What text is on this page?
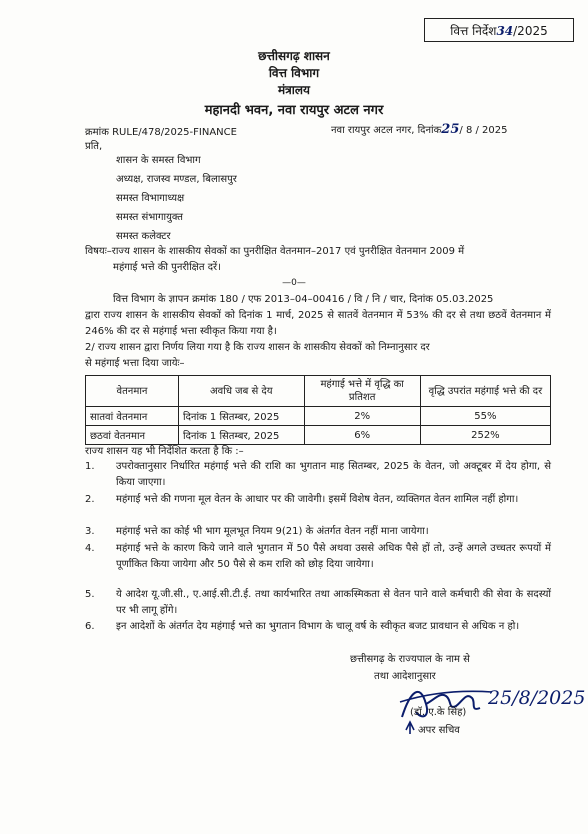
वित्त निर्देश34/2025
छत्तीसगढ़ शासन
वित्त विभाग
मंत्रालय
महानदी भवन, नवा रायपुर अटल नगर
क्रमांक RULE/478/2025-FINANCE	नवा रायपुर अटल नगर, दिनांक25/ 8 / 2025
प्रति,
शासन के समस्त विभाग
अध्यक्ष, राजस्व मण्डल, बिलासपुर
समस्त विभागाध्यक्ष
समस्त संभागायुक्त
समस्त कलेक्टर
विषयः–राज्य शासन के शासकीय सेवकों का पुनरीक्षित वेतनमान–2017 एवं पुनरीक्षित वेतनमान 2009 में
महंगाई भत्ते की पुनरीक्षित दरें।
—0—
वित्त विभाग के ज्ञापन क्रमांक 180 / एफ 2013–04–00416 / वि / नि / चार, दिनांक 05.03.2025
द्वारा राज्य शासन के शासकीय सेवकों को दिनांक 1 मार्च, 2025 से सातवें वेतनमान में 53% की दर से तथा छठवें वेतनमान में 246% की दर से महंगाई भत्ता स्वीकृत किया गया है।
2/ राज्य शासन द्वारा निर्णय लिया गया है कि राज्य शासन के शासकीय सेवकों को निम्नानुसार दर
से महंगाई भत्ता दिया जायेः–
वेतनमान	अवधि जब से देय	महंगाई भत्ते में वृद्धि का प्रतिशत	वृद्धि उपरांत महंगाई भत्ते की दर
सातवां वेतनमान	दिनांक 1 सितम्बर, 2025	2%	55%
छठवां वेतनमान	दिनांक 1 सितम्बर, 2025	6%	252%
राज्य शासन यह भी निर्देशित करता है कि :–
1. उपरोक्तानुसार निर्धारित महंगाई भत्ते की राशि का भुगतान माह सितम्बर, 2025 के वेतन, जो अक्टूबर में देय होगा, से किया जाएगा।
2. महंगाई भत्ते की गणना मूल वेतन के आधार पर की जावेगी। इसमें विशेष वेतन, व्यक्तिगत वेतन शामिल नहीं होगा।
3. महंगाई भत्ते का कोई भी भाग मूलभूत नियम 9(21) के अंतर्गत वेतन नहीं माना जायेगा।
4. महंगाई भत्ते के कारण किये जाने वाले भुगतान में 50 पैसे अथवा उससे अधिक पैसे हों तो, उन्हें अगले उच्चतर रूपयों में पूर्णांकित किया जायेगा और 50 पैसे से कम राशि को छोड़ दिया जायेगा।
5. ये आदेश यू.जी.सी., ए.आई.सी.टी.ई. तथा कार्यभारित तथा आकस्मिकता से वेतन पाने वाले कर्मचारी की सेवा के सदस्यों पर भी लागू होंगे।
6. इन आदेशों के अंतर्गत देय महंगाई भत्ते का भुगतान विभाग के चालू वर्ष के स्वीकृत बजट प्रावधान से अधिक न हो।
छत्तीसगढ़ के राज्यपाल के नाम से
तथा आदेशानुसार
25/8/2025
(डॉ. ए.के सिंह)
अपर सचिव
